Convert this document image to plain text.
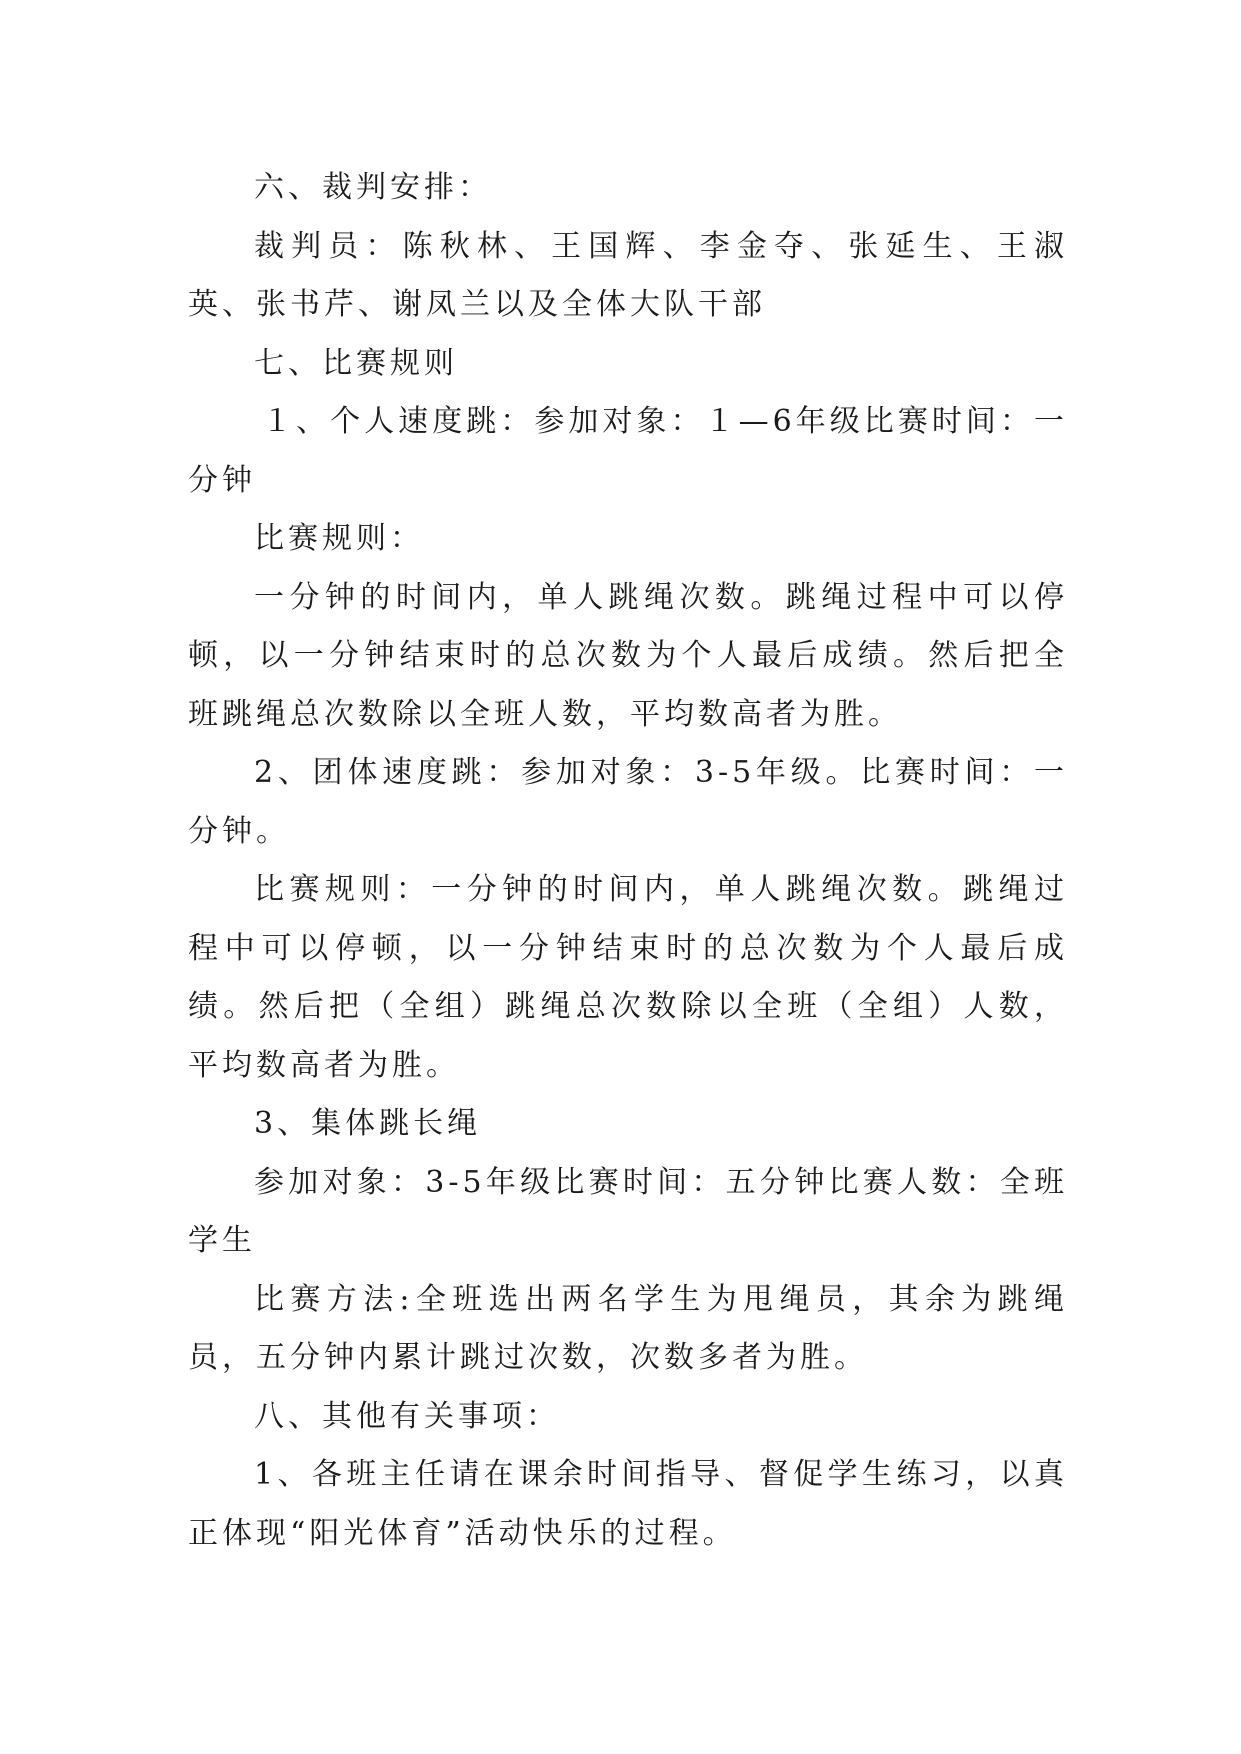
六、裁判安排：

裁判员：陈秋林、王国辉、李金夺、张延生、王淑英、张书芹、谢凤兰以及全体大队干部

七、比赛规则

１、个人速度跳：参加对象：１—6年级比赛时间：一分钟

比赛规则：

一分钟的时间内，单人跳绳次数。跳绳过程中可以停顿，以一分钟结束时的总次数为个人最后成绩。然后把全班跳绳总次数除以全班人数，平均数高者为胜。

2、团体速度跳：参加对象：3-5年级。比赛时间：一分钟。

比赛规则：一分钟的时间内，单人跳绳次数。跳绳过程中可以停顿，以一分钟结束时的总次数为个人最后成绩。然后把（全组）跳绳总次数除以全班（全组）人数，平均数高者为胜。

3、集体跳长绳

参加对象：3-5年级比赛时间：五分钟比赛人数：全班学生

比赛方法:全班选出两名学生为甩绳员，其余为跳绳员，五分钟内累计跳过次数，次数多者为胜。

八、其他有关事项：

1、各班主任请在课余时间指导、督促学生练习，以真正体现“阳光体育”活动快乐的过程。
